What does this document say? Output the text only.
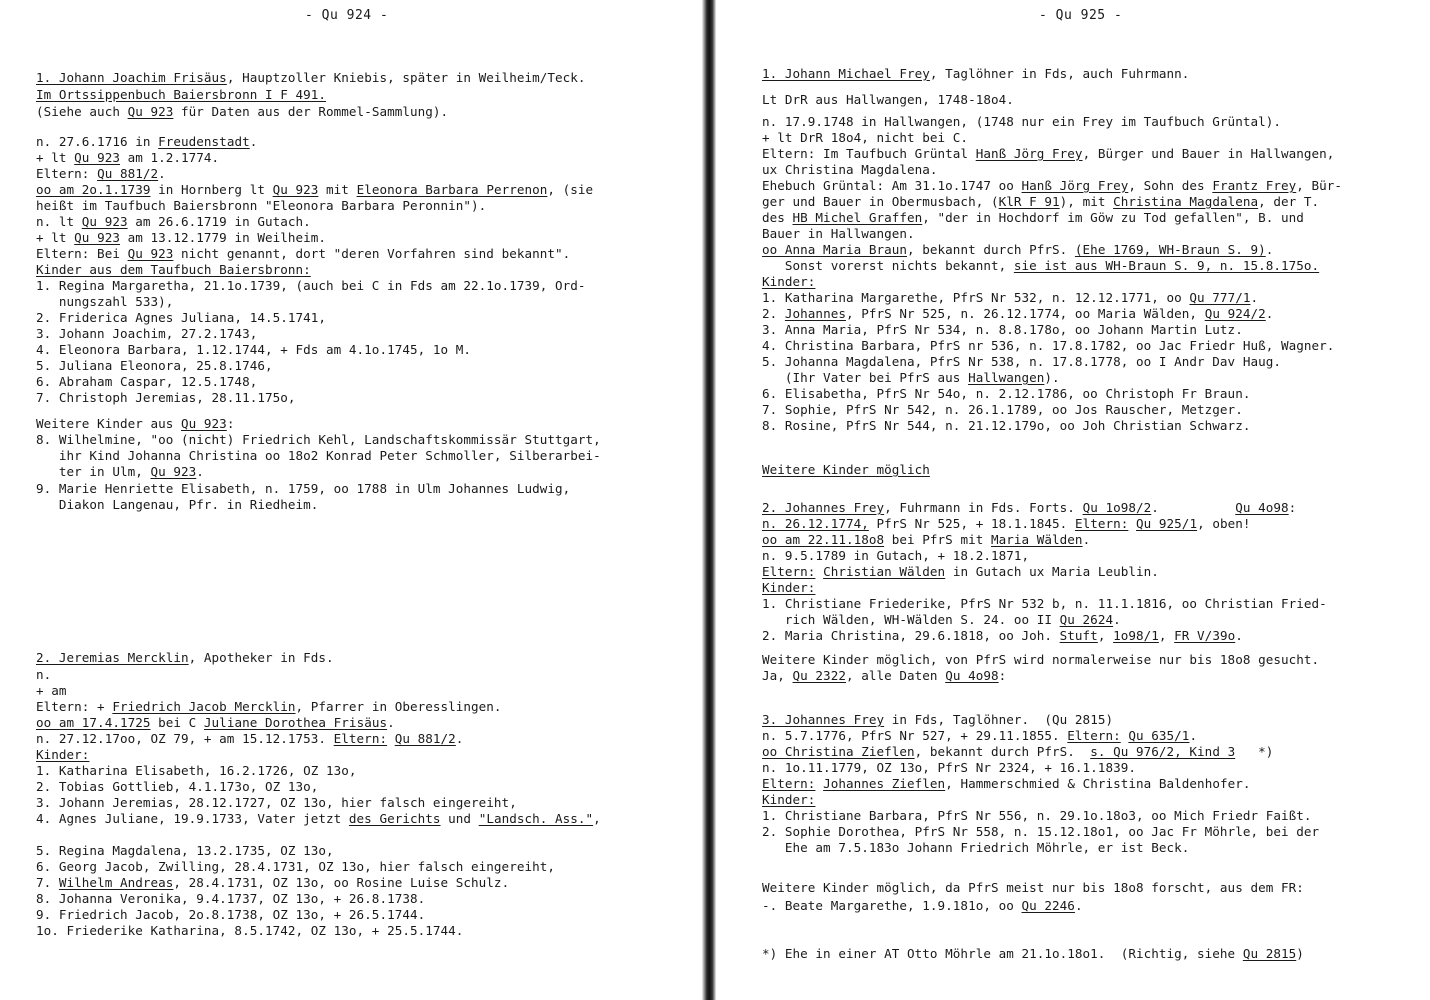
- Qu 924 -
1. Johann Joachim Frisäus, Hauptzoller Kniebis, später in Weilheim/Teck.
Im Ortssippenbuch Baiersbronn I F 491.
(Siehe auch Qu 923 für Daten aus der Rommel-Sammlung).
n. 27.6.1716 in Freudenstadt.
+ lt Qu 923 am 1.2.1774.
Eltern: Qu 881/2.
oo am 2o.1.1739 in Hornberg lt Qu 923 mit Eleonora Barbara Perrenon, (sie
heißt im Taufbuch Baiersbronn "Eleonora Barbara Peronnin").
n. lt Qu 923 am 26.6.1719 in Gutach.
+ lt Qu 923 am 13.12.1779 in Weilheim.
Eltern: Bei Qu 923 nicht genannt, dort "deren Vorfahren sind bekannt".
Kinder aus dem Taufbuch Baiersbronn:
1. Regina Margaretha, 21.1o.1739, (auch bei C in Fds am 22.1o.1739, Ord-
nungszahl 533),
2. Friderica Agnes Juliana, 14.5.1741,
3. Johann Joachim, 27.2.1743,
4. Eleonora Barbara, 1.12.1744, + Fds am 4.1o.1745, 1o M.
5. Juliana Eleonora, 25.8.1746,
6. Abraham Caspar, 12.5.1748,
7. Christoph Jeremias, 28.11.175o,
Weitere Kinder aus Qu 923:
8. Wilhelmine, "oo (nicht) Friedrich Kehl, Landschaftskommissär Stuttgart,
ihr Kind Johanna Christina oo 18o2 Konrad Peter Schmoller, Silberarbei-
ter in Ulm, Qu 923.
9. Marie Henriette Elisabeth, n. 1759, oo 1788 in Ulm Johannes Ludwig,
Diakon Langenau, Pfr. in Riedheim.
2. Jeremias Mercklin, Apotheker in Fds.
n.
+ am
Eltern: + Friedrich Jacob Mercklin, Pfarrer in Oberesslingen.
oo am 17.4.1725 bei C Juliane Dorothea Frisäus.
n. 27.12.17oo, OZ 79, + am 15.12.1753. Eltern: Qu 881/2.
Kinder:
1. Katharina Elisabeth, 16.2.1726, OZ 13o,
2. Tobias Gottlieb, 4.1.173o, OZ 13o,
3. Johann Jeremias, 28.12.1727, OZ 13o, hier falsch eingereiht,
4. Agnes Juliane, 19.9.1733, Vater jetzt des Gerichts und "Landsch. Ass.",
5. Regina Magdalena, 13.2.1735, OZ 13o,
6. Georg Jacob, Zwilling, 28.4.1731, OZ 13o, hier falsch eingereiht,
7. Wilhelm Andreas, 28.4.1731, OZ 13o, oo Rosine Luise Schulz.
8. Johanna Veronika, 9.4.1737, OZ 13o, + 26.8.1738.
9. Friedrich Jacob, 2o.8.1738, OZ 13o, + 26.5.1744.
1o. Friederike Katharina, 8.5.1742, OZ 13o, + 25.5.1744.
- Qu 925 -
1. Johann Michael Frey, Taglöhner in Fds, auch Fuhrmann.
Lt DrR aus Hallwangen, 1748-18o4.
n. 17.9.1748 in Hallwangen, (1748 nur ein Frey im Taufbuch Grüntal).
+ lt DrR 18o4, nicht bei C.
Eltern: Im Taufbuch Grüntal Hanß Jörg Frey, Bürger und Bauer in Hallwangen,
ux Christina Magdalena.
Ehebuch Grüntal: Am 31.1o.1747 oo Hanß Jörg Frey, Sohn des Frantz Frey, Bür-
ger und Bauer in Obermusbach, (KlR F 91), mit Christina Magdalena, der T.
des HB Michel Graffen, "der in Hochdorf im Göw zu Tod gefallen", B. und
Bauer in Hallwangen.
oo Anna Maria Braun, bekannt durch PfrS. (Ehe 1769, WH-Braun S. 9).
Sonst vorerst nichts bekannt, sie ist aus WH-Braun S. 9, n. 15.8.175o.
Kinder:
1. Katharina Margarethe, PfrS Nr 532, n. 12.12.1771, oo Qu 777/1.
2. Johannes, PfrS Nr 525, n. 26.12.1774, oo Maria Wälden, Qu 924/2.
3. Anna Maria, PfrS Nr 534, n. 8.8.178o, oo Johann Martin Lutz.
4. Christina Barbara, PfrS nr 536, n. 17.8.1782, oo Jac Friedr Huß, Wagner.
5. Johanna Magdalena, PfrS Nr 538, n. 17.8.1778, oo I Andr Dav Haug.
(Ihr Vater bei PfrS aus Hallwangen).
6. Elisabetha, PfrS Nr 54o, n. 2.12.1786, oo Christoph Fr Braun.
7. Sophie, PfrS Nr 542, n. 26.1.1789, oo Jos Rauscher, Metzger.
8. Rosine, PfrS Nr 544, n. 21.12.179o, oo Joh Christian Schwarz.
Weitere Kinder möglich
2. Johannes Frey, Fuhrmann in Fds. Forts. Qu 1o98/2.          Qu 4o98:
n. 26.12.1774, PfrS Nr 525, + 18.1.1845. Eltern: Qu 925/1, oben!
oo am 22.11.18o8 bei PfrS mit Maria Wälden.
n. 9.5.1789 in Gutach, + 18.2.1871,
Eltern: Christian Wälden in Gutach ux Maria Leublin.
Kinder:
1. Christiane Friederike, PfrS Nr 532 b, n. 11.1.1816, oo Christian Fried-
rich Wälden, WH-Wälden S. 24. oo II Qu 2624.
2. Maria Christina, 29.6.1818, oo Joh. Stuft, 1o98/1, FR V/39o.
Weitere Kinder möglich, von PfrS wird normalerweise nur bis 18o8 gesucht.
Ja, Qu 2322, alle Daten Qu 4o98:
3. Johannes Frey in Fds, Taglöhner.  (Qu 2815)
n. 5.7.1776, PfrS Nr 527, + 29.11.1855. Eltern: Qu 635/1.
oo Christina Zieflen, bekannt durch PfrS.  s. Qu 976/2, Kind 3   *)
n. 1o.11.1779, OZ 13o, PfrS Nr 2324, + 16.1.1839.
Eltern: Johannes Zieflen, Hammerschmied & Christina Baldenhofer.
Kinder:
1. Christiane Barbara, PfrS Nr 556, n. 29.1o.18o3, oo Mich Friedr Faißt.
2. Sophie Dorothea, PfrS Nr 558, n. 15.12.18o1, oo Jac Fr Möhrle, bei der
Ehe am 7.5.183o Johann Friedrich Möhrle, er ist Beck.
Weitere Kinder möglich, da PfrS meist nur bis 18o8 forscht, aus dem FR:
-. Beate Margarethe, 1.9.181o, oo Qu 2246.
*) Ehe in einer AT Otto Möhrle am 21.1o.18o1.  (Richtig, siehe Qu 2815)
